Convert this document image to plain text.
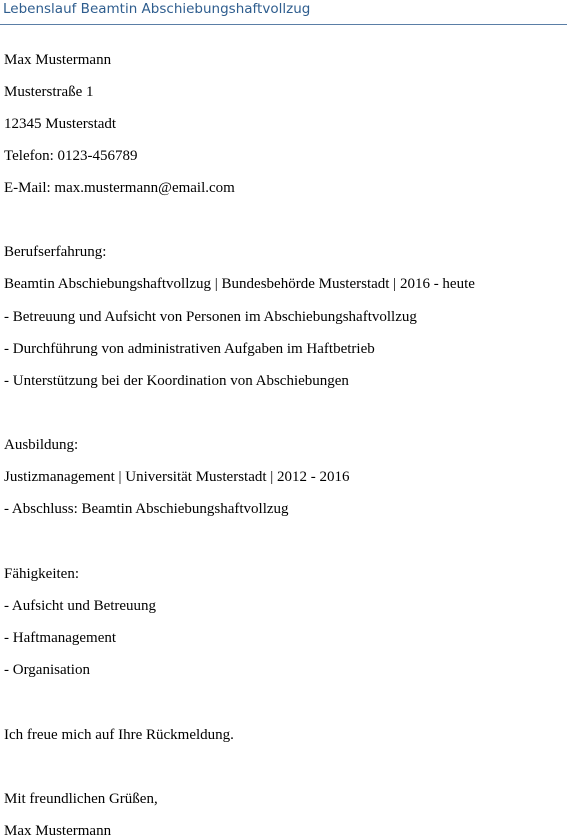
Lebenslauf Beamtin Abschiebungshaftvollzug
Max Mustermann
Musterstraße 1
12345 Musterstadt
Telefon: 0123-456789
E-Mail: max.mustermann@email.com
Berufserfahrung:
Beamtin Abschiebungshaftvollzug | Bundesbehörde Musterstadt | 2016 - heute
- Betreuung und Aufsicht von Personen im Abschiebungshaftvollzug
- Durchführung von administrativen Aufgaben im Haftbetrieb
- Unterstützung bei der Koordination von Abschiebungen
Ausbildung:
Justizmanagement | Universität Musterstadt | 2012 - 2016
- Abschluss: Beamtin Abschiebungshaftvollzug
Fähigkeiten:
- Aufsicht und Betreuung
- Haftmanagement
- Organisation
Ich freue mich auf Ihre Rückmeldung.
Mit freundlichen Grüßen,
Max Mustermann
